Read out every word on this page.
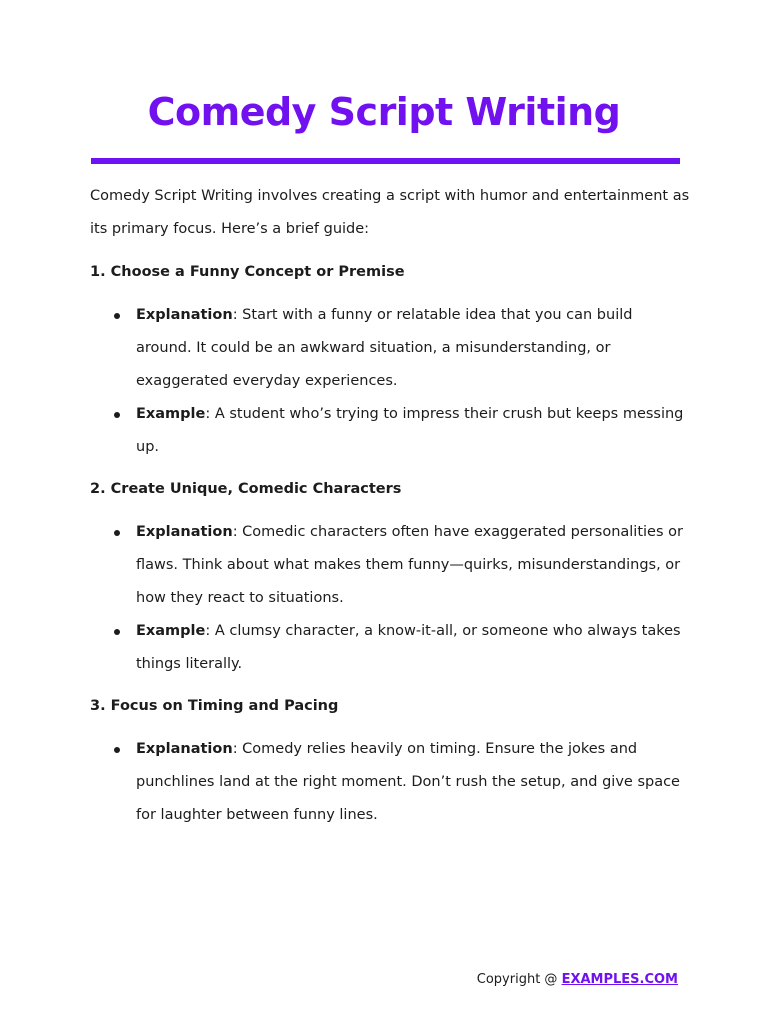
Comedy Script Writing

Comedy Script Writing involves creating a script with humor and entertainment as its primary focus. Here’s a brief guide:

1. Choose a Funny Concept or Premise
Explanation: Start with a funny or relatable idea that you can build around. It could be an awkward situation, a misunderstanding, or exaggerated everyday experiences.
Example: A student who’s trying to impress their crush but keeps messing up.
2. Create Unique, Comedic Characters
Explanation: Comedic characters often have exaggerated personalities or flaws. Think about what makes them funny—quirks, misunderstandings, or how they react to situations.
Example: A clumsy character, a know-it-all, or someone who always takes things literally.
3. Focus on Timing and Pacing
Explanation: Comedy relies heavily on timing. Ensure the jokes and punchlines land at the right moment. Don’t rush the setup, and give space for laughter between funny lines.
Copyright @ EXAMPLES.COM
